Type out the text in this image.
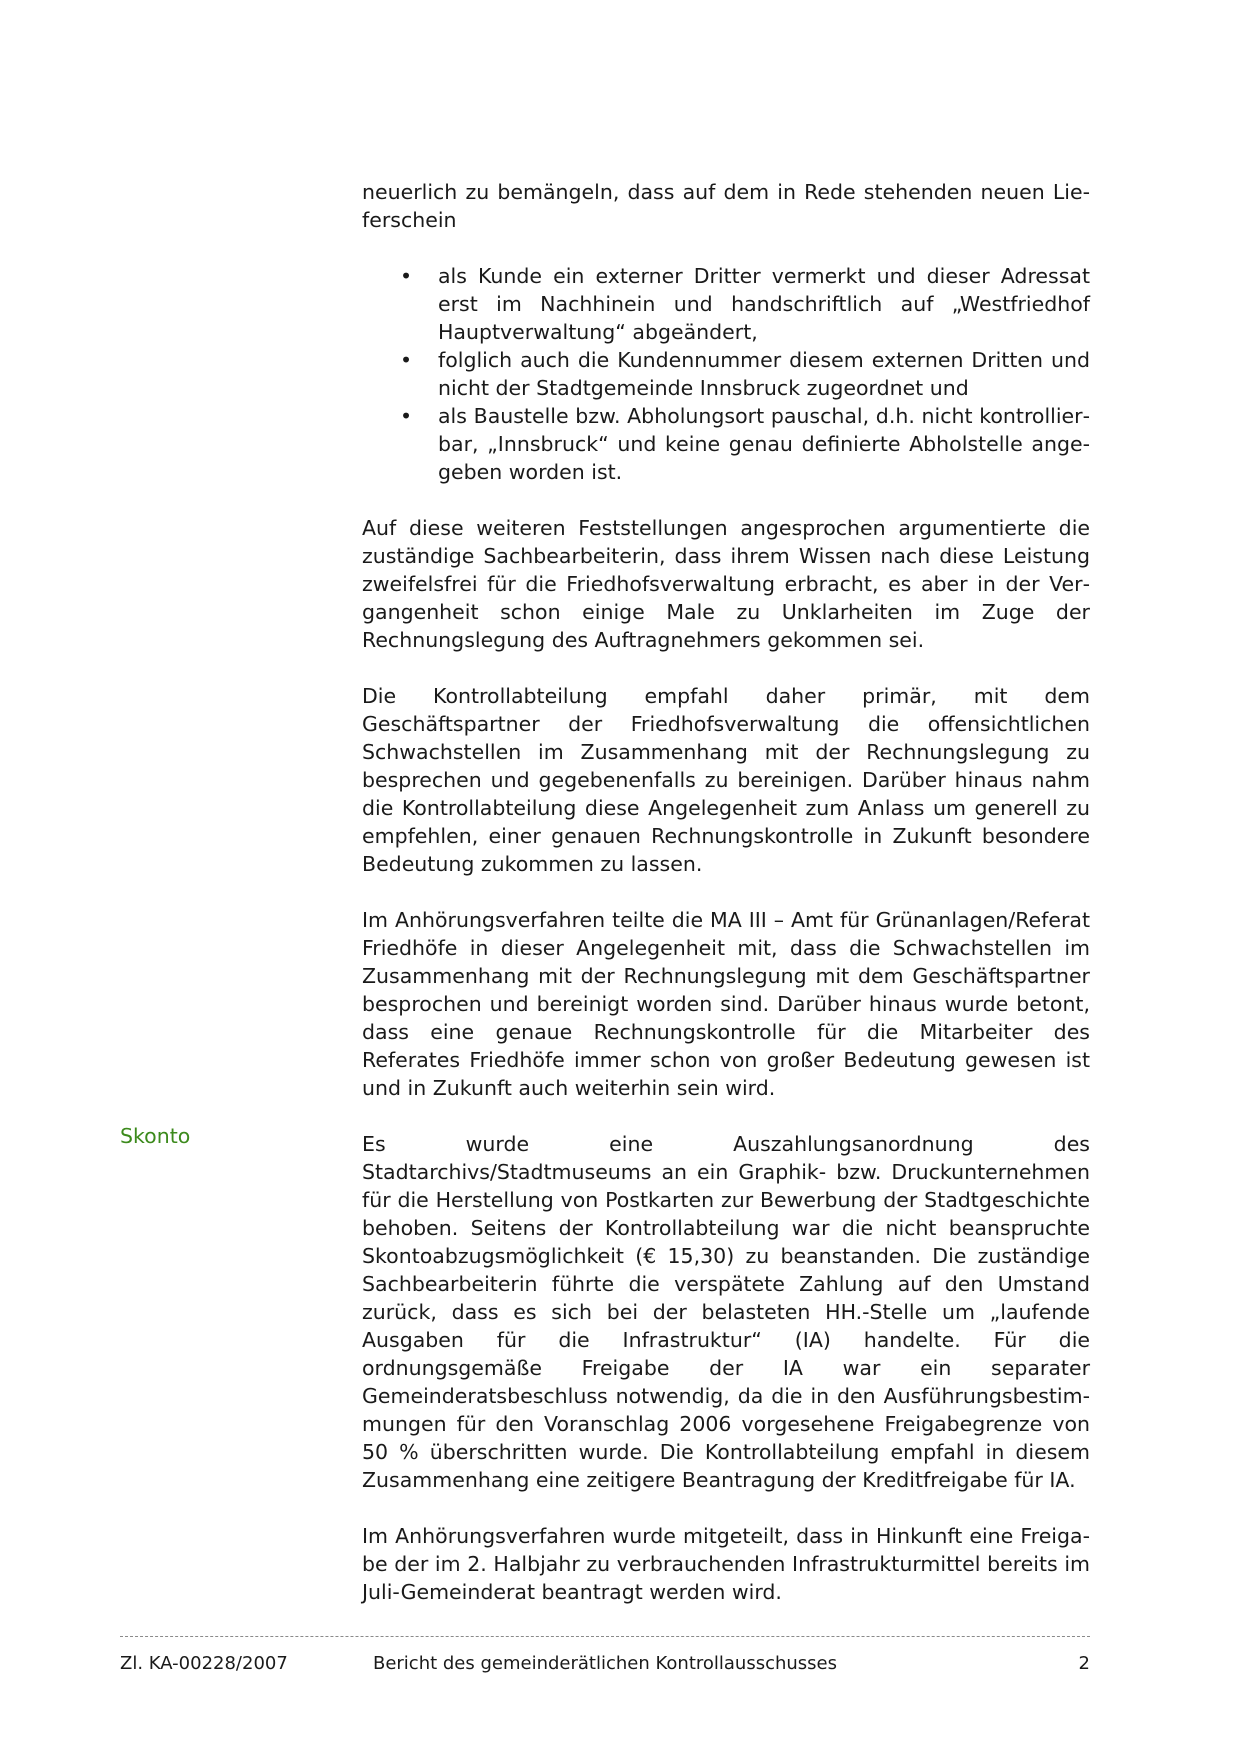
neuerlich zu bemängeln, dass auf dem in Rede stehenden neuen Lieferschein

• als Kunde ein externer Dritter vermerkt und dieser Adressat erst im Nachhinein und handschriftlich auf „Westfriedhof Hauptverwaltung“ abgeändert,
• folglich auch die Kundennummer diesem externen Dritten und nicht der Stadtgemeinde Innsbruck zugeordnet und
• als Baustelle bzw. Abholungsort pauschal, d.h. nicht kontrollierbar, „Innsbruck“ und keine genau definierte Abholstelle angegeben worden ist.

Auf diese weiteren Feststellungen angesprochen argumentierte die zuständige Sachbearbeiterin, dass ihrem Wissen nach diese Leistung zweifelsfrei für die Friedhofsverwaltung erbracht, es aber in der Vergangenheit schon einige Male zu Unklarheiten im Zuge der Rechnungslegung des Auftragnehmers gekommen sei.

Die Kontrollabteilung empfahl daher primär, mit dem Geschäftspartner der Friedhofsverwaltung die offensichtlichen Schwachstellen im Zusammenhang mit der Rechnungslegung zu besprechen und gegebenenfalls zu bereinigen. Darüber hinaus nahm die Kontrollabteilung diese Angelegenheit zum Anlass um generell zu empfehlen, einer genauen Rechnungskontrolle in Zukunft besondere Bedeutung zukommen zu lassen.

Im Anhörungsverfahren teilte die MA III – Amt für Grünanlagen/Referat Friedhöfe in dieser Angelegenheit mit, dass die Schwachstellen im Zusammenhang mit der Rechnungslegung mit dem Geschäftspartner besprochen und bereinigt worden sind. Darüber hinaus wurde betont, dass eine genaue Rechnungskontrolle für die Mitarbeiter des Referates Friedhöfe immer schon von großer Bedeutung gewesen ist und in Zukunft auch weiterhin sein wird.

Es wurde eine Auszahlungsanordnung des Stadtarchivs/Stadtmuseums an ein Graphik- bzw. Druckunternehmen für die Herstellung von Postkarten zur Bewerbung der Stadtgeschichte behoben. Seitens der Kontrollabteilung war die nicht beanspruchte Skontoabzugsmöglichkeit (€ 15,30) zu beanstanden. Die zuständige Sachbearbeiterin führte die verspätete Zahlung auf den Umstand zurück, dass es sich bei der belasteten HH.-Stelle um „laufende Ausgaben für die Infrastruktur“ (IA) handelte. Für die ordnungsgemäße Freigabe der IA war ein separater Gemeinderatsbeschluss notwendig, da die in den Ausführungsbestimmungen für den Voranschlag 2006 vorgesehene Freigabegrenze von 50 % überschritten wurde. Die Kontrollabteilung empfahl in diesem Zusammenhang eine zeitigere Beantragung der Kreditfreigabe für IA.

Im Anhörungsverfahren wurde mitgeteilt, dass in Hinkunft eine Freigabe der im 2. Halbjahr zu verbrauchenden Infrastrukturmittel bereits im Juli-Gemeinderat beantragt werden wird.

Skonto
Zl. KA-00228/2007	Bericht des gemeinderätlichen Kontrollausschusses	2
